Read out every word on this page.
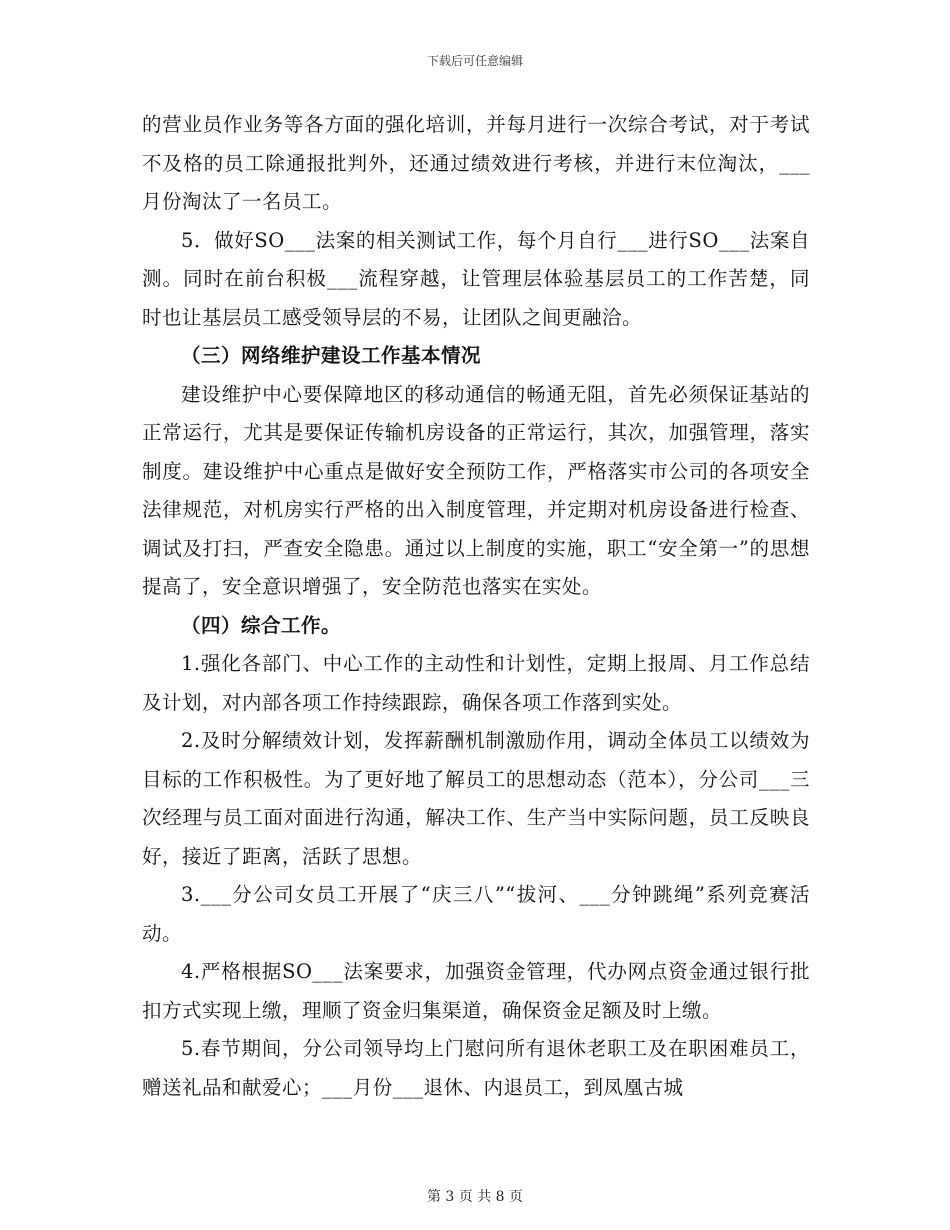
下载后可任意编辑

的营业员作业务等各方面的强化培训，并每月进行一次综合考试，对于考试不及格的员工除通报批判外，还通过绩效进行考核，并进行末位淘汰，___月份淘汰了一名员工。

5．做好SO___法案的相关测试工作，每个月自行___进行SO___法案自测。同时在前台积极___流程穿越，让管理层体验基层员工的工作苦楚，同时也让基层员工感受领导层的不易，让团队之间更融洽。

（三）网络维护建设工作基本情况

建设维护中心要保障地区的移动通信的畅通无阻，首先必须保证基站的正常运行，尤其是要保证传输机房设备的正常运行，其次，加强管理，落实制度。建设维护中心重点是做好安全预防工作，严格落实市公司的各项安全法律规范，对机房实行严格的出入制度管理，并定期对机房设备进行检查、调试及打扫，严查安全隐患。通过以上制度的实施，职工“安全第一”的思想提高了，安全意识增强了，安全防范也落实在实处。

（四）综合工作。

1.强化各部门、中心工作的主动性和计划性，定期上报周、月工作总结及计划，对内部各项工作持续跟踪，确保各项工作落到实处。

2.及时分解绩效计划，发挥薪酬机制激励作用，调动全体员工以绩效为目标的工作积极性。为了更好地了解员工的思想动态（范本），分公司___三次经理与员工面对面进行沟通，解决工作、生产当中实际问题，员工反映良好，接近了距离，活跃了思想。

3.___分公司女员工开展了“庆三八”“拔河、___分钟跳绳”系列竞赛活动。

4.严格根据SO___法案要求，加强资金管理，代办网点资金通过银行批扣方式实现上缴，理顺了资金归集渠道，确保资金足额及时上缴。

5.春节期间，分公司领导均上门慰问所有退休老职工及在职困难员工，赠送礼品和献爱心；___月份___退休、内退员工，到凤凰古城

第 3 页 共 8 页
